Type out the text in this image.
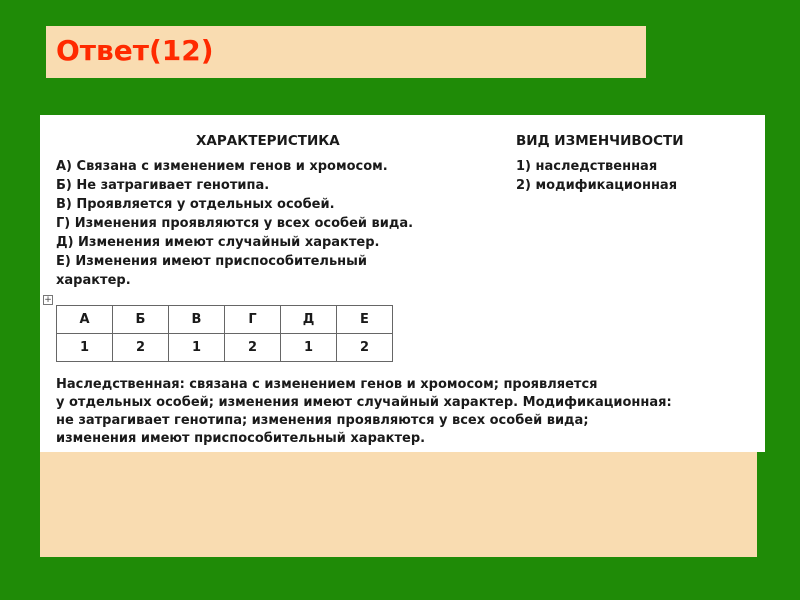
Ответ(12)
ХАРАКТЕРИСТИКА	ВИД ИЗМЕНЧИВОСТИ
А) Связана с изменением генов и хромосом.
Б) Не затрагивает генотипа.
В) Проявляется у отдельных особей.
Г) Изменения проявляются у всех особей вида.
Д) Изменения имеют случайный характер.
Е) Изменения имеют приспособительный
характер.
1) наследственная
2) модификационная
+
А	Б	В	Г	Д	Е
1	2	1	2	1	2
Наследственная: связана с изменением генов и хромосом; проявляется
у отдельных особей; изменения имеют случайный характер. Модификационная:
не затрагивает генотипа; изменения проявляются у всех особей вида;
изменения имеют приспособительный характер.
